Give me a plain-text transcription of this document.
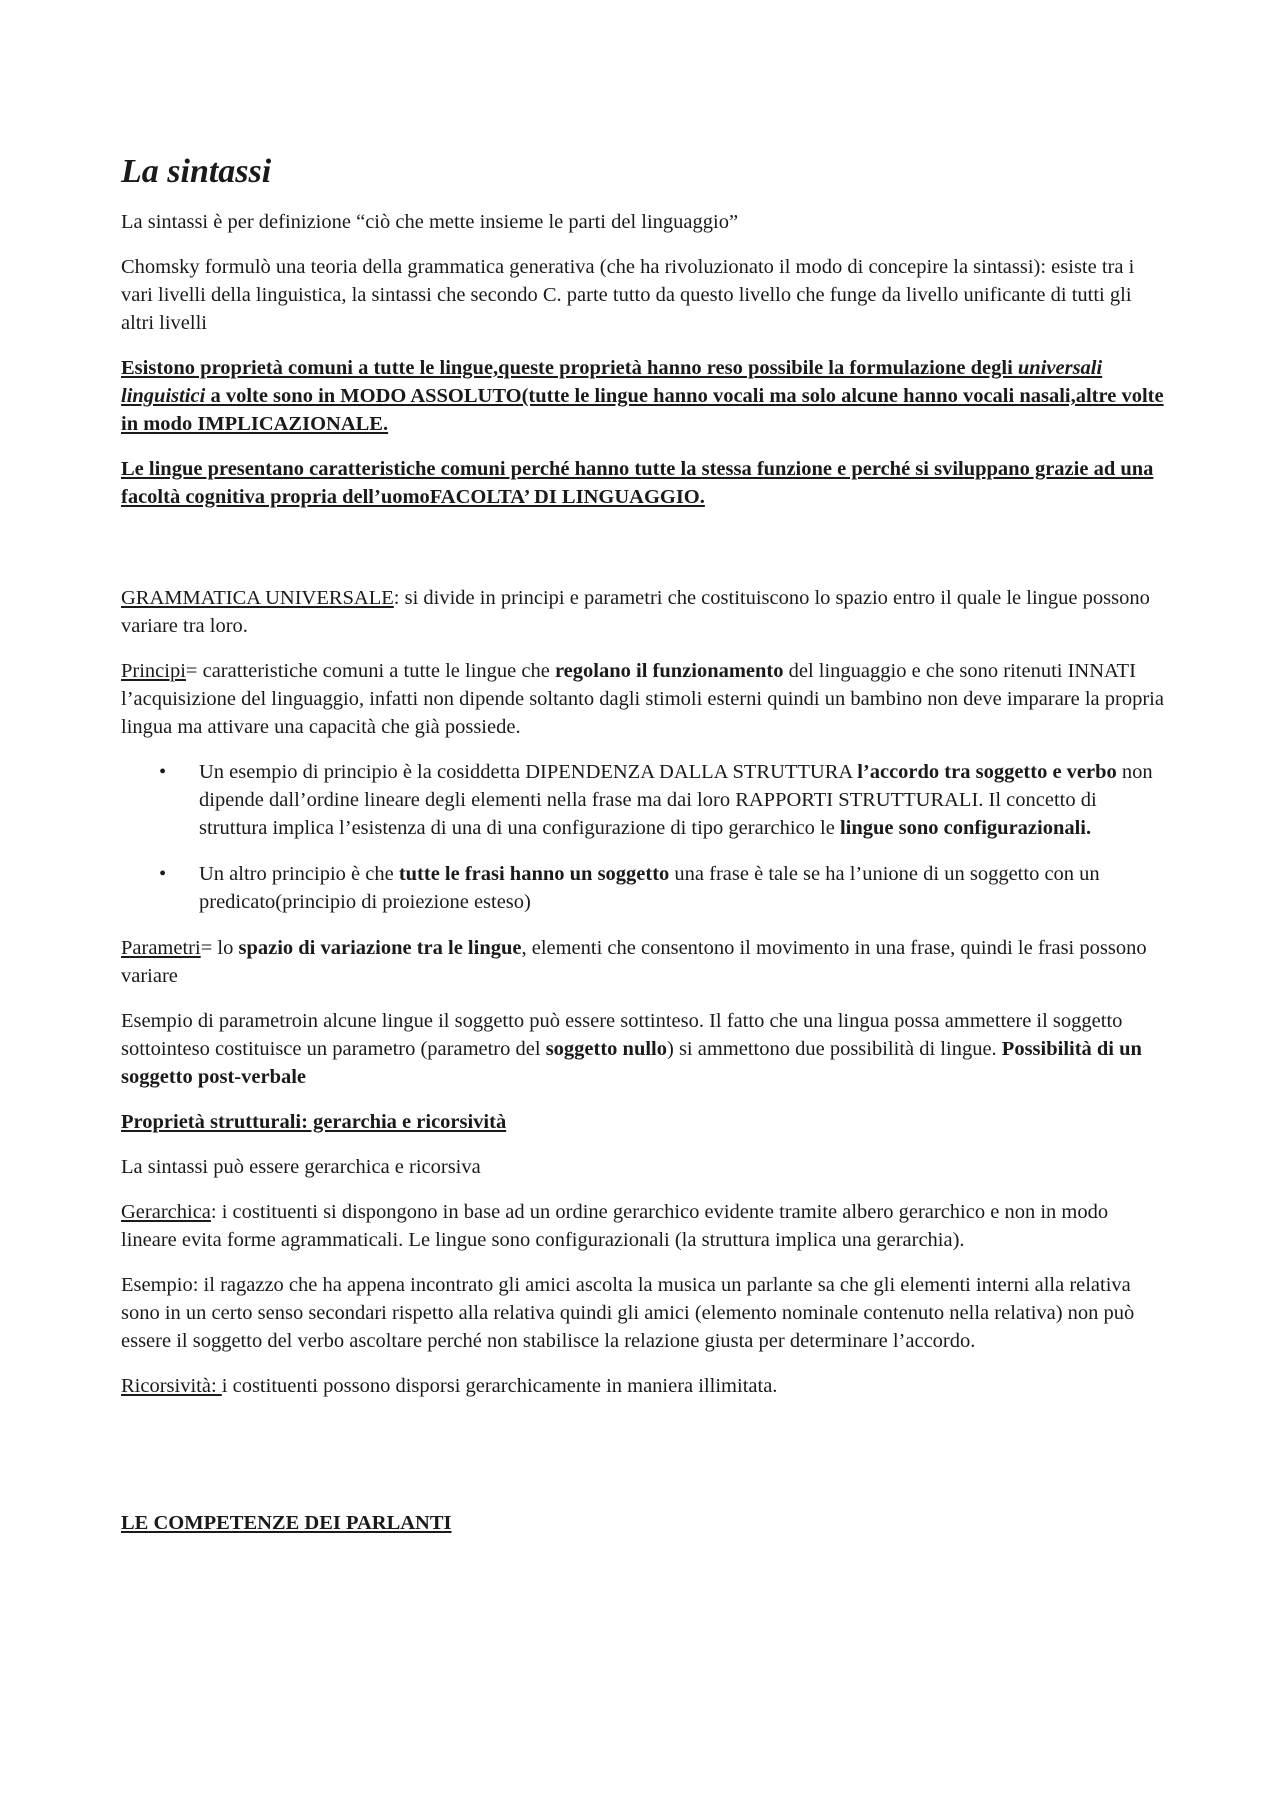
La sintassi

La sintassi è per definizione “ciò che mette insieme le parti del linguaggio”

Chomsky formulò una teoria della grammatica generativa (che ha rivoluzionato il modo di concepire la sintassi): esiste tra i vari livelli della linguistica, la sintassi che secondo C. parte tutto da questo livello che funge da livello unificante di tutti gli altri livelli

Esistono proprietà comuni a tutte le lingue,queste proprietà hanno reso possibile la formulazione degli universali linguistici a volte sono in MODO ASSOLUTO(tutte le lingue hanno vocali ma solo alcune hanno vocali nasali,altre volte in modo IMPLICAZIONALE.

Le lingue presentano caratteristiche comuni perché hanno tutte la stessa funzione e perché si sviluppano grazie ad una facoltà cognitiva propria dell’uomoFACOLTA’ DI LINGUAGGIO.

GRAMMATICA UNIVERSALE: si divide in principi e parametri che costituiscono lo spazio entro il quale le lingue possono variare tra loro.

Principi= caratteristiche comuni a tutte le lingue che regolano il funzionamento del linguaggio e che sono ritenuti INNATI l’acquisizione del linguaggio, infatti non dipende soltanto dagli stimoli esterni quindi un bambino non deve imparare la propria lingua ma attivare una capacità che già possiede.

• Un esempio di principio è la cosiddetta DIPENDENZA DALLA STRUTTURA l’accordo tra soggetto e verbo non dipende dall’ordine lineare degli elementi nella frase ma dai loro RAPPORTI STRUTTURALI. Il concetto di struttura implica l’esistenza di una di una configurazione di tipo gerarchico le lingue sono configurazionali.
• Un altro principio è che tutte le frasi hanno un soggetto una frase è tale se ha l’unione di un soggetto con un predicato(principio di proiezione esteso)

Parametri= lo spazio di variazione tra le lingue, elementi che consentono il movimento in una frase, quindi le frasi possono variare

Esempio di parametroin alcune lingue il soggetto può essere sottinteso. Il fatto che una lingua possa ammettere il soggetto sottointeso costituisce un parametro (parametro del soggetto nullo) si ammettono due possibilità di lingue. Possibilità di un soggetto post-verbale

Proprietà strutturali: gerarchia e ricorsività

La sintassi può essere gerarchica e ricorsiva

Gerarchica: i costituenti si dispongono in base ad un ordine gerarchico evidente tramite albero gerarchico e non in modo lineare evita forme agrammaticali. Le lingue sono configurazionali (la struttura implica una gerarchia).

Esempio: il ragazzo che ha appena incontrato gli amici ascolta la musica un parlante sa che gli elementi interni alla relativa sono in un certo senso secondari rispetto alla relativa quindi gli amici (elemento nominale contenuto nella relativa) non può essere il soggetto del verbo ascoltare perché non stabilisce la relazione giusta per determinare l’accordo.

Ricorsività: i costituenti possono disporsi gerarchicamente in maniera illimitata.

LE COMPETENZE DEI PARLANTI
